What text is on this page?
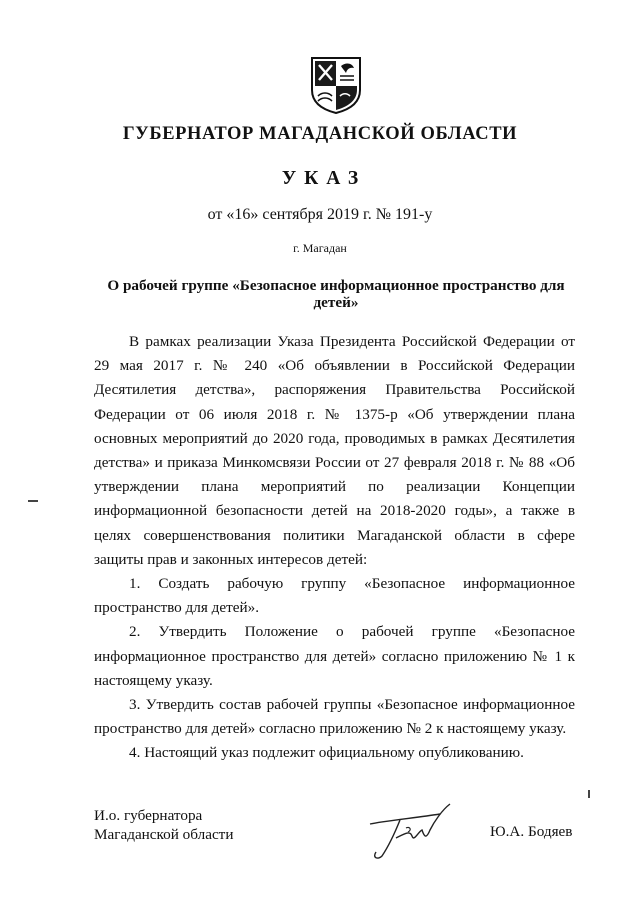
ГУБЕРНАТОР МАГАДАНСКОЙ ОБЛАСТИ
УКАЗ
от «16» сентября 2019 г. № 191-у
г. Магадан
О рабочей группе «Безопасное информационное пространство для детей»

В рамках реализации Указа Президента Российской Федерации от 29 мая 2017 г. № 240 «Об объявлении в Российской Федерации Десятилетия детства», распоряжения Правительства Российской Федерации от 06 июля 2018 г. № 1375-р «Об утверждении плана основных мероприятий до 2020 года, проводимых в рамках Десятилетия детства» и приказа Минкомсвязи России от 27 февраля 2018 г. № 88 «Об утверждении плана мероприятий по реализации Концепции информационной безопасности детей на 2018-2020 годы», а также в целях совершенствования политики Магаданской области в сфере защиты прав и законных интересов детей:

1. Создать рабочую группу «Безопасное информационное пространство для детей».

2. Утвердить Положение о рабочей группе «Безопасное информационное пространство для детей» согласно приложению № 1 к настоящему указу.

3. Утвердить состав рабочей группы «Безопасное информационное пространство для детей» согласно приложению № 2 к настоящему указу.

4. Настоящий указ подлежит официальному опубликованию.

И.о. губернатора
Магаданской области	Ю.А. Бодяев
